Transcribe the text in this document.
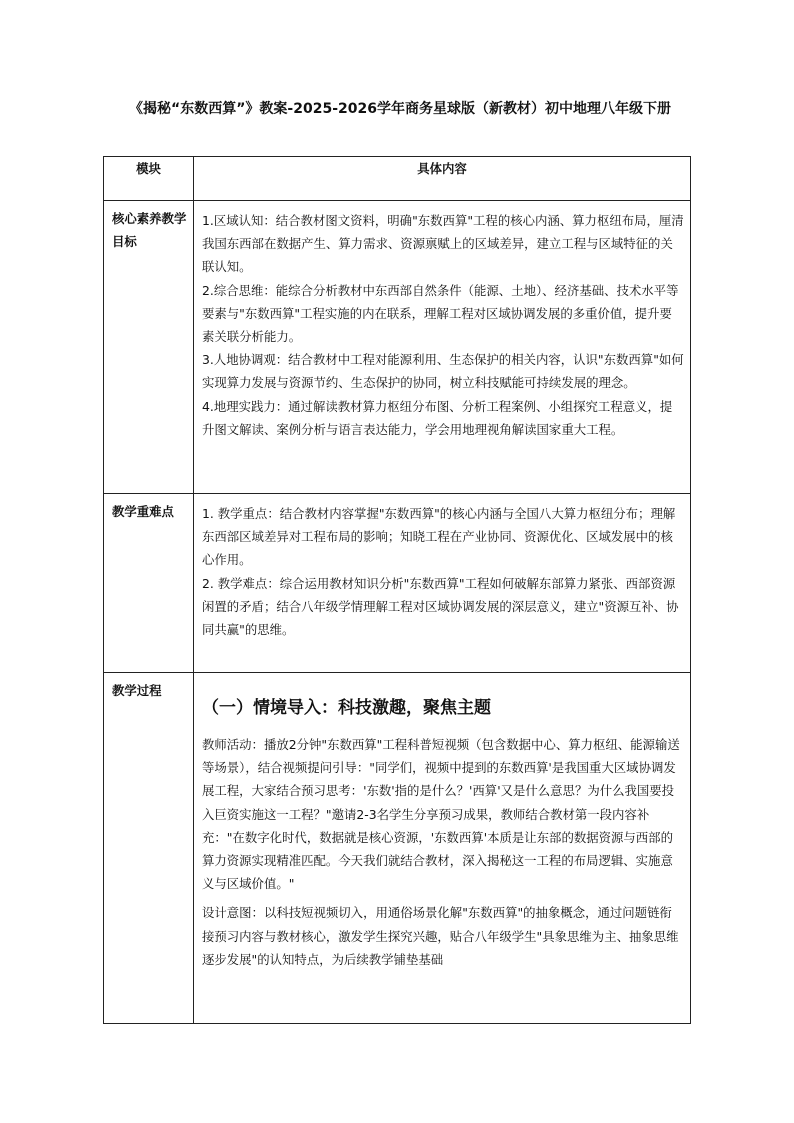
《揭秘“东数西算”》教案-2025-2026学年商务星球版（新教材）初中地理八年级下册
模块	具体内容
核心素养教学目标	1.区域认知：结合教材图文资料，明确"东数西算"工程的核心内涵、算力枢纽布局，厘清我国东西部在数据产生、算力需求、资源禀赋上的区域差异，建立工程与区域特征的关联认知。

2.综合思维：能综合分析教材中东西部自然条件（能源、土地）、经济基础、技术水平等要素与"东数西算"工程实施的内在联系，理解工程对区域协调发展的多重价值，提升要素关联分析能力。

3.人地协调观：结合教材中工程对能源利用、生态保护的相关内容，认识"东数西算"如何实现算力发展与资源节约、生态保护的协同，树立科技赋能可持续发展的理念。

4.地理实践力：通过解读教材算力枢纽分布图、分析工程案例、小组探究工程意义，提升图文解读、案例分析与语言表达能力，学会用地理视角解读国家重大工程。

教学重难点	1. 教学重点：结合教材内容掌握"东数西算"的核心内涵与全国八大算力枢纽分布；理解东西部区域差异对工程布局的影响；知晓工程在产业协同、资源优化、区域发展中的核心作用。

2. 教学难点：综合运用教材知识分析"东数西算"工程如何破解东部算力紧张、西部资源闲置的矛盾；结合八年级学情理解工程对区域协调发展的深层意义，建立"资源互补、协同共赢"的思维。

教学过程	（一）情境导入：科技激趣，聚焦主题

教师活动：播放2分钟"东数西算"工程科普短视频（包含数据中心、算力枢纽、能源输送等场景），结合视频提问引导："同学们，视频中提到的东数西算'是我国重大区域协调发展工程，大家结合预习思考：'东数'指的是什么？'西算'又是什么意思？为什么我国要投入巨资实施这一工程？"邀请2-3名学生分享预习成果，教师结合教材第一段内容补充："在数字化时代，数据就是核心资源，'东数西算'本质是让东部的数据资源与西部的算力资源实现精准匹配。今天我们就结合教材，深入揭秘这一工程的布局逻辑、实施意义与区域价值。"

设计意图：以科技短视频切入，用通俗场景化解"东数西算"的抽象概念，通过问题链衔接预习内容与教材核心，激发学生探究兴趣，贴合八年级学生"具象思维为主、抽象思维逐步发展"的认知特点，为后续教学铺垫基础
